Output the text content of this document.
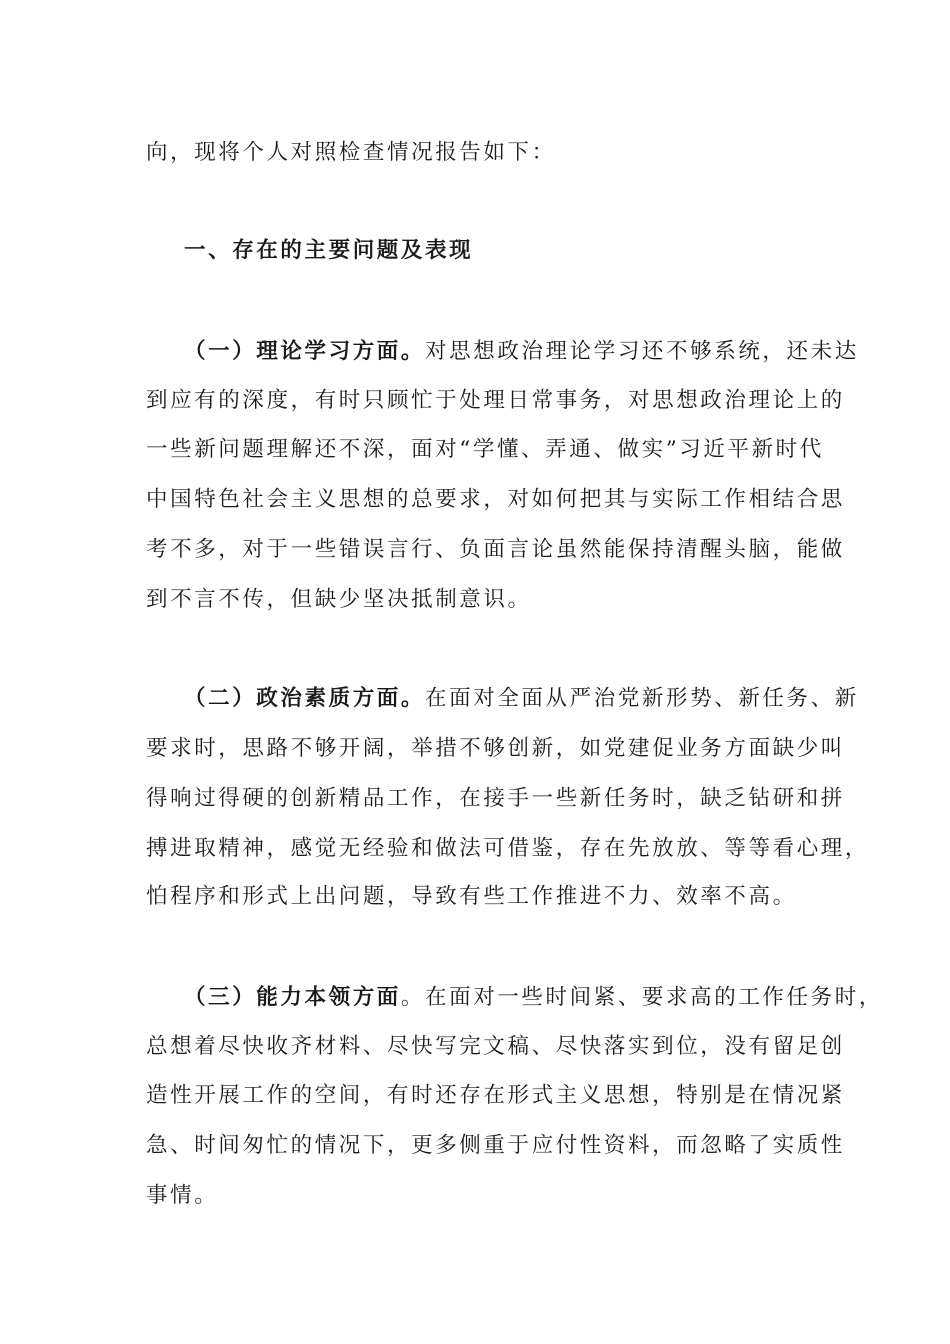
向，现将个人对照检查情况报告如下：
一、存在的主要问题及表现
（一）理论学习方面。对思想政治理论学习还不够系统，还未达
到应有的深度，有时只顾忙于处理日常事务，对思想政治理论上的
一些新问题理解还不深，面对“学懂、弄通、做实”习近平新时代
中国特色社会主义思想的总要求，对如何把其与实际工作相结合思
考不多，对于一些错误言行、负面言论虽然能保持清醒头脑，能做
到不言不传，但缺少坚决抵制意识。
（二）政治素质方面。在面对全面从严治党新形势、新任务、新
要求时，思路不够开阔，举措不够创新，如党建促业务方面缺少叫
得响过得硬的创新精品工作，在接手一些新任务时，缺乏钻研和拼
搏进取精神，感觉无经验和做法可借鉴，存在先放放、等等看心理，
怕程序和形式上出问题，导致有些工作推进不力、效率不高。
（三）能力本领方面。在面对一些时间紧、要求高的工作任务时，
总想着尽快收齐材料、尽快写完文稿、尽快落实到位，没有留足创
造性开展工作的空间，有时还存在形式主义思想，特别是在情况紧
急、时间匆忙的情况下，更多侧重于应付性资料，而忽略了实质性
事情。
